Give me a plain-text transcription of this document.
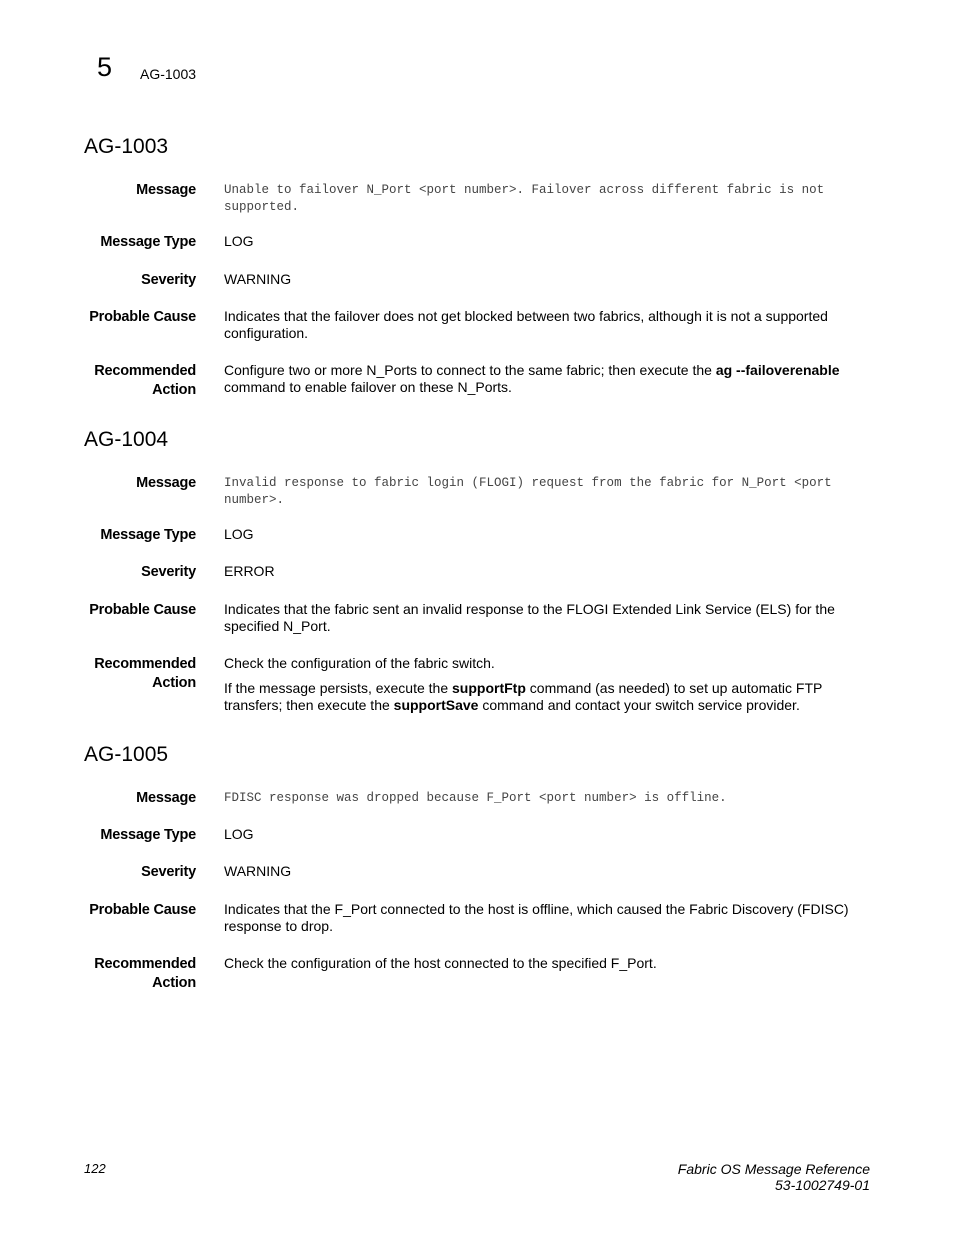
5 AG-1003
AG-1003
Message Unable to failover N_Port <port number>. Failover across different fabric is not supported.
Message Type LOG
Severity WARNING
Probable Cause Indicates that the failover does not get blocked between two fabrics, although it is not a supported configuration.
Recommended
Action

Configure two or more N_Ports to connect to the same fabric; then execute the ag --failoverenable command to enable failover on these N_Ports.

AG-1004
Message Invalid response to fabric login (FLOGI) request from the fabric for N_Port <port number>.
Message Type LOG
Severity ERROR
Probable Cause Indicates that the fabric sent an invalid response to the FLOGI Extended Link Service (ELS) for the specified N_Port.
Recommended
Action

Check the configuration of the fabric switch.

If the message persists, execute the supportFtp command (as needed) to set up automatic FTP transfers; then execute the supportSave command and contact your switch service provider.

AG-1005
Message FDISC response was dropped because F_Port <port number> is offline.
Message Type LOG
Severity WARNING
Probable Cause Indicates that the F_Port connected to the host is offline, which caused the Fabric Discovery (FDISC) response to drop.
Recommended
Action

Check the configuration of the host connected to the specified F_Port.

122	Fabric OS Message Reference
53-1002749-01
